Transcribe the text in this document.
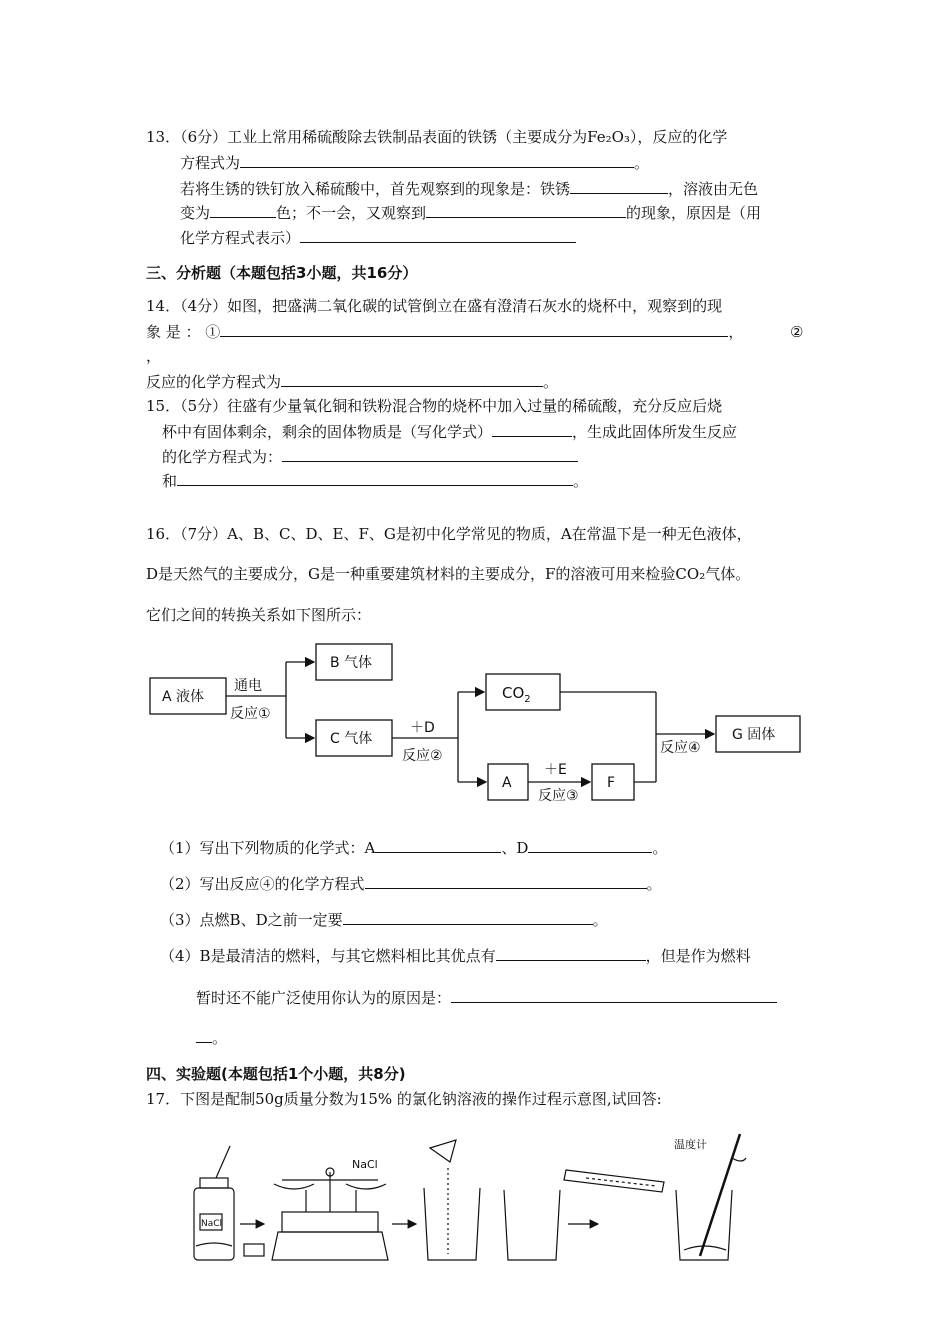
13．（6分）工业上常用稀硫酸除去铁制品表面的铁锈（主要成分为Fe₂O₃），反应的化学
方程式为	。
若将生锈的铁钉放入稀硫酸中，首先观察到的现象是：铁锈	，溶液由无色
变为	色；不一会，又观察到	的现象，原因是（用
化学方程式表示）
三、分析题（本题包括3小题，共16分）
14．（4分）如图，把盛满二氧化碳的试管倒立在盛有澄清石灰水的烧杯中，观察到的现
象 是 ： ①	，	②
，
反应的化学方程式为	。
15．（5分）往盛有少量氧化铜和铁粉混合物的烧杯中加入过量的稀硫酸，充分反应后烧
杯中有固体剩余，剩余的固体物质是（写化学式）	，生成此固体所发生反应
的化学方程式为：
和	。
16．（7分）A、B、C、D、E、F、G是初中化学常见的物质，A在常温下是一种无色液体，
D是天然气的主要成分，G是一种重要建筑材料的主要成分，F的溶液可用来检验CO₂气体。
它们之间的转换关系如下图所示：
A 液体
B 气体
C 气体
$CO_2$
A	F
G 固体
通电
反应①
＋D
反应②
＋E
反应③
反应④
（1）写出下列物质的化学式：A	、D	。
（2）写出反应④的化学方程式	。
（3）点燃B、D之前一定要	。
（4）B是最清洁的燃料，与其它燃料相比其优点有	，但是作为燃料
暂时还不能广泛使用你认为的原因是：
。
四、实验题(本题包括1个小题，共8分)
17．下图是配制50g质量分数为15% 的氯化钠溶液的操作过程示意图,试回答:
NaCl
NaCl
温度计
